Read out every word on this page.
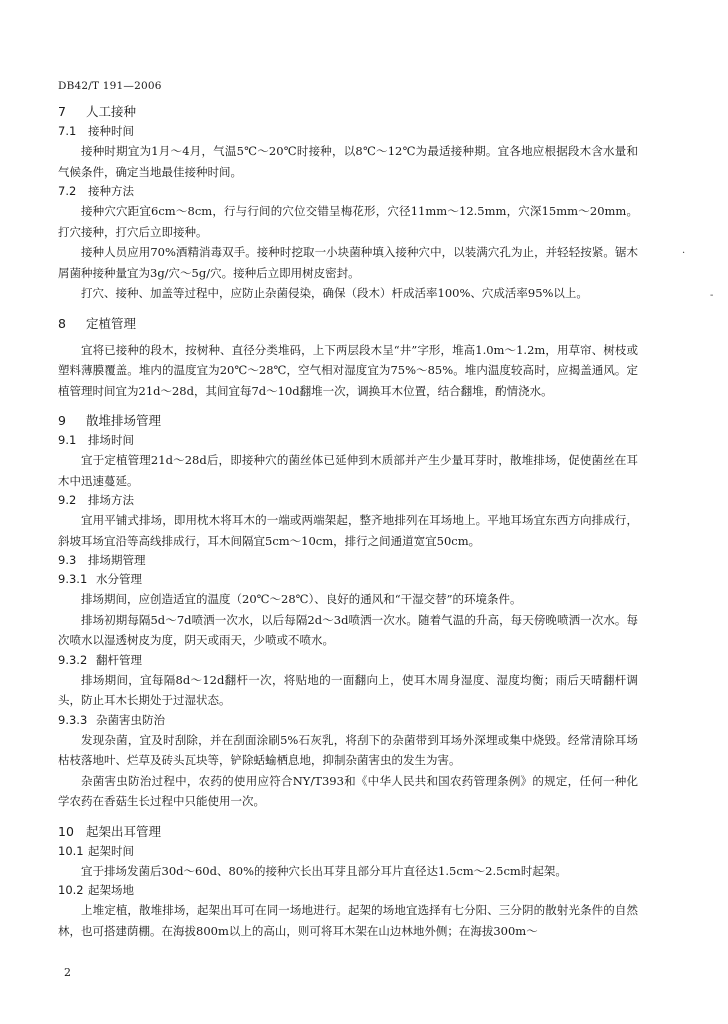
DB42/T 191—2006
7 人工接种
7.1 接种时间

接种时期宜为1月～4月，气温5℃～20℃时接种，以8℃～12℃为最适接种期。宜各地应根据段木含水量和气候条件，确定当地最佳接种时间。

7.2 接种方法

接种穴穴距宜6cm～8cm，行与行间的穴位交错呈梅花形，穴径11mm～12.5mm，穴深15mm～20mm。打穴接种，打穴后立即接种。

接种人员应用70%酒精消毒双手。接种时挖取一小块菌种填入接种穴中，以装满穴孔为止，并轻轻按紧。锯木屑菌种接种量宜为3g/穴～5g/穴。接种后立即用树皮密封。

打穴、接种、加盖等过程中，应防止杂菌侵染，确保（段木）杆成活率100%、穴成活率95%以上。

8 定植管理

宜将已接种的段木，按树种、直径分类堆码，上下两层段木呈“井”字形，堆高1.0m～1.2m，用草帘、树枝或塑料薄膜覆盖。堆内的温度宜为20℃～28℃，空气相对湿度宜为75%～85%。堆内温度较高时，应揭盖通风。定植管理时间宜为21d～28d，其间宜每7d～10d翻堆一次，调换耳木位置，结合翻堆，酌情浇水。

9 散堆排场管理
9.1 排场时间

宜于定植管理21d～28d后，即接种穴的菌丝体已延伸到木质部并产生少量耳芽时，散堆排场，促使菌丝在耳木中迅速蔓延。

9.2 排场方法

宜用平铺式排场，即用枕木将耳木的一端或两端架起，整齐地排列在耳场地上。平地耳场宜东西方向排成行，斜坡耳场宜沿等高线排成行，耳木间隔宜5cm～10cm，排行之间通道宽宜50cm。

9.3 排场期管理
9.3.1 水分管理

排场期间，应创造适宜的温度（20℃～28℃）、良好的通风和“干湿交替”的环境条件。

排场初期每隔5d～7d喷洒一次水，以后每隔2d～3d喷洒一次水。随着气温的升高，每天傍晚喷洒一次水。每次喷水以湿透树皮为度，阴天或雨天，少喷或不喷水。

9.3.2 翻杆管理

排场期间，宜每隔8d～12d翻杆一次，将贴地的一面翻向上，使耳木周身湿度、湿度均衡；雨后天晴翻杆调头，防止耳木长期处于过湿状态。

9.3.3 杂菌害虫防治

发现杂菌，宜及时刮除，并在刮面涂刷5%石灰乳，将刮下的杂菌带到耳场外深埋或集中烧毁。经常清除耳场枯枝落地叶、烂草及砖头瓦块等，铲除蛞蝓栖息地，抑制杂菌害虫的发生为害。

杂菌害虫防治过程中，农药的使用应符合NY/T393和《中华人民共和国农药管理条例》的规定，任何一种化学农药在香菇生长过程中只能使用一次。

10 起架出耳管理
10.1 起架时间

宜于排场发菌后30d～60d、80%的接种穴长出耳芽且部分耳片直径达1.5cm～2.5cm时起架。

10.2 起架场地

上堆定植，散堆排场，起架出耳可在同一场地进行。起架的场地宜选择有七分阳、三分阴的散射光条件的自然林，也可搭建荫棚。在海拔800m以上的高山，则可将耳木架在山边林地外侧；在海拔300m～

2
·
-
